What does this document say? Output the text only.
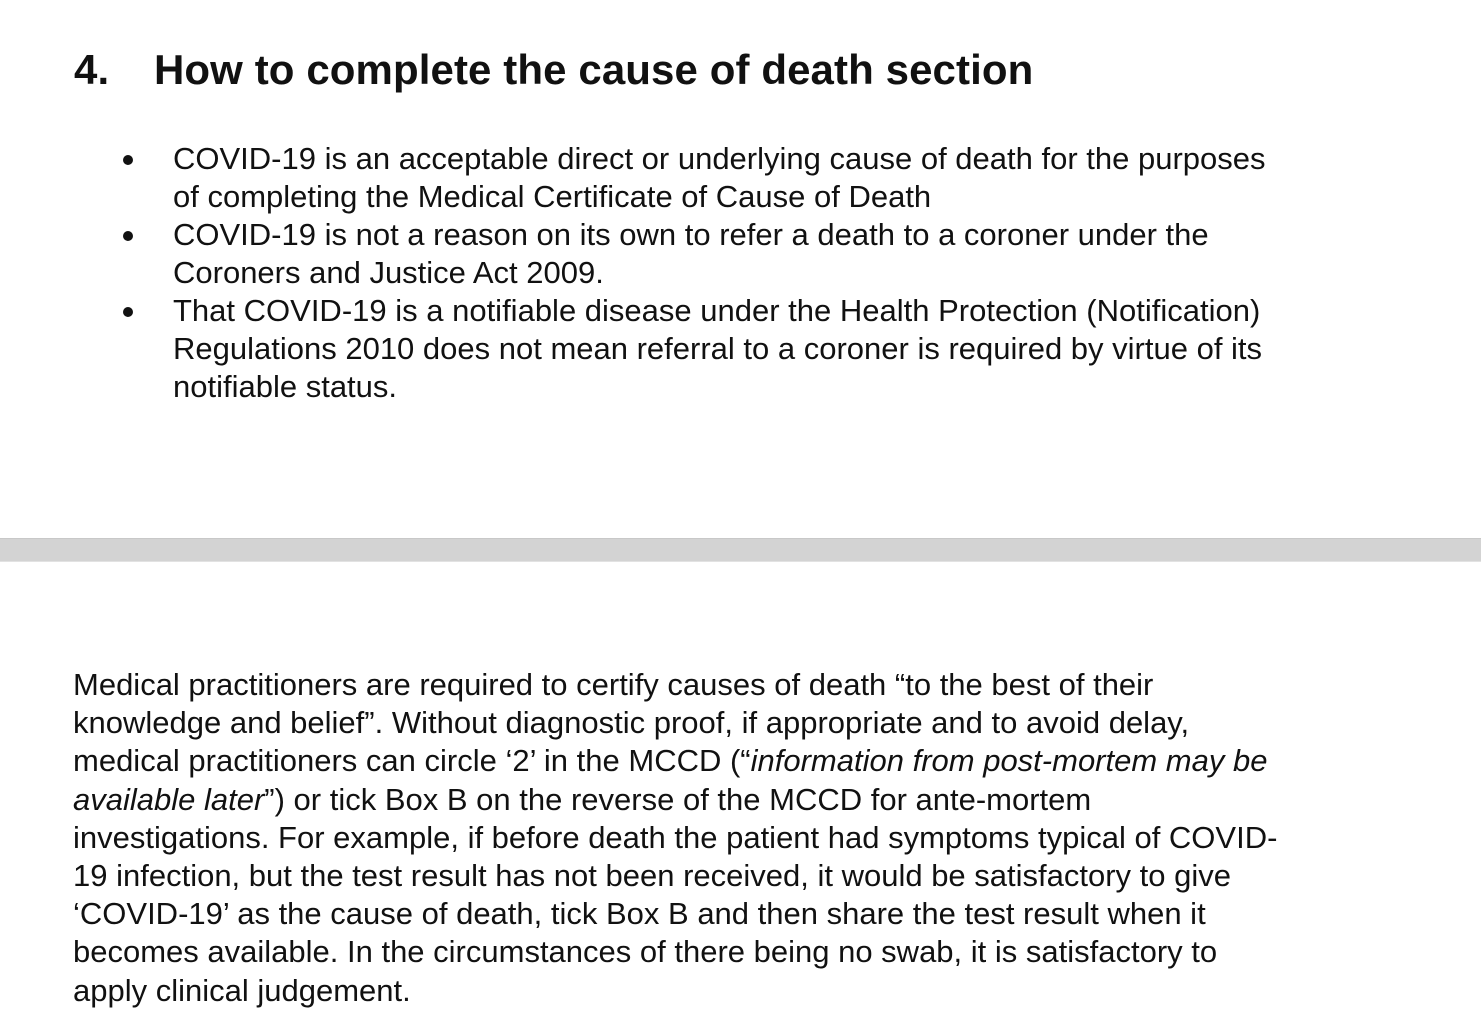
4. How to complete the cause of death section
COVID-19 is an acceptable direct or underlying cause of death for the purposes
of completing the Medical Certificate of Cause of Death
COVID-19 is not a reason on its own to refer a death to a coroner under the
Coroners and Justice Act 2009.
That COVID-19 is a notifiable disease under the Health Protection (Notification)
Regulations 2010 does not mean referral to a coroner is required by virtue of its
notifiable status.

Medical practitioners are required to certify causes of death “to the best of their
knowledge and belief”. Without diagnostic proof, if appropriate and to avoid delay,
medical practitioners can circle ‘2’ in the MCCD (“information from post-mortem may be
available later”) or tick Box B on the reverse of the MCCD for ante-mortem
investigations. For example, if before death the patient had symptoms typical of COVID-
19 infection, but the test result has not been received, it would be satisfactory to give
‘COVID-19’ as the cause of death, tick Box B and then share the test result when it
becomes available. In the circumstances of there being no swab, it is satisfactory to
apply clinical judgement.
